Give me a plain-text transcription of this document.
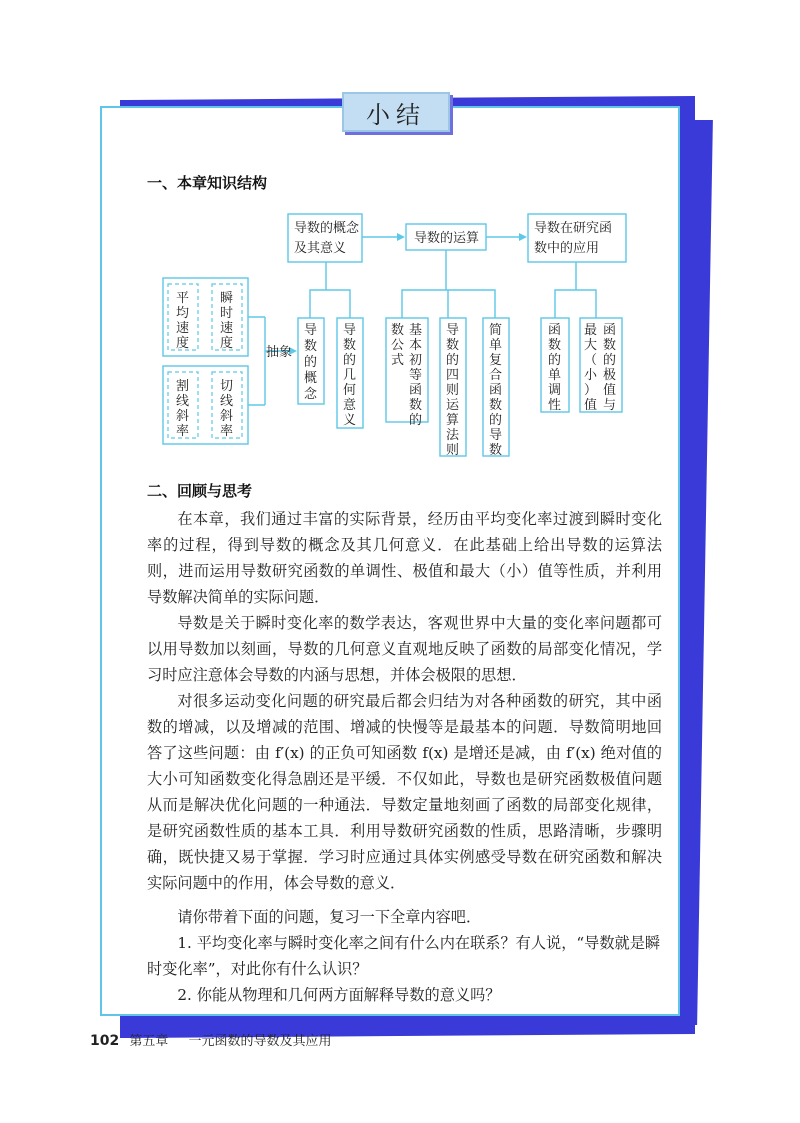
小结
一、本章知识结构
导数的概念
及其意义
导数的运算
导数在研究函
数中的应用
平
均
速
度
瞬
时
速
度
割
线
斜
率
切
线
斜
率
抽象
导
数
的
概
念
导
数
的
几
何
意
义
数
公
式
基
本
初
等
函
数
的
导
数
的
四
则
运
算
法
则
简
单
复
合
函
数
的
导
数
函
数
的
单
调
性
最
大
（
小
）
值
函
数
的
极
值
与
二、回顾与思考

在本章，我们通过丰富的实际背景，经历由平均变化率过渡到瞬时变化率的过程，得到导数的概念及其几何意义．在此基础上给出导数的运算法则，进而运用导数研究函数的单调性、极值和最大（小）值等性质，并利用导数解决简单的实际问题．

导数是关于瞬时变化率的数学表达，客观世界中大量的变化率问题都可以用导数加以刻画，导数的几何意义直观地反映了函数的局部变化情况，学习时应注意体会导数的内涵与思想，并体会极限的思想．

对很多运动变化问题的研究最后都会归结为对各种函数的研究，其中函数的增减，以及增减的范围、增减的快慢等是最基本的问题．导数简明地回答了这些问题：由 f′(x) 的正负可知函数 f(x) 是增还是减，由 f′(x) 绝对值的大小可知函数变化得急剧还是平缓．不仅如此，导数也是研究函数极值问题从而是解决优化问题的一种通法．导数定量地刻画了函数的局部变化规律，是研究函数性质的基本工具．利用导数研究函数的性质，思路清晰，步骤明确，既快捷又易于掌握．学习时应通过具体实例感受导数在研究函数和解决实际问题中的作用，体会导数的意义．

请你带着下面的问题，复习一下全章内容吧．

1. 平均变化率与瞬时变化率之间有什么内在联系？有人说，“导数就是瞬时变化率”，对此你有什么认识？

2. 你能从物理和几何两方面解释导数的意义吗？

102 第五章 一元函数的导数及其应用
